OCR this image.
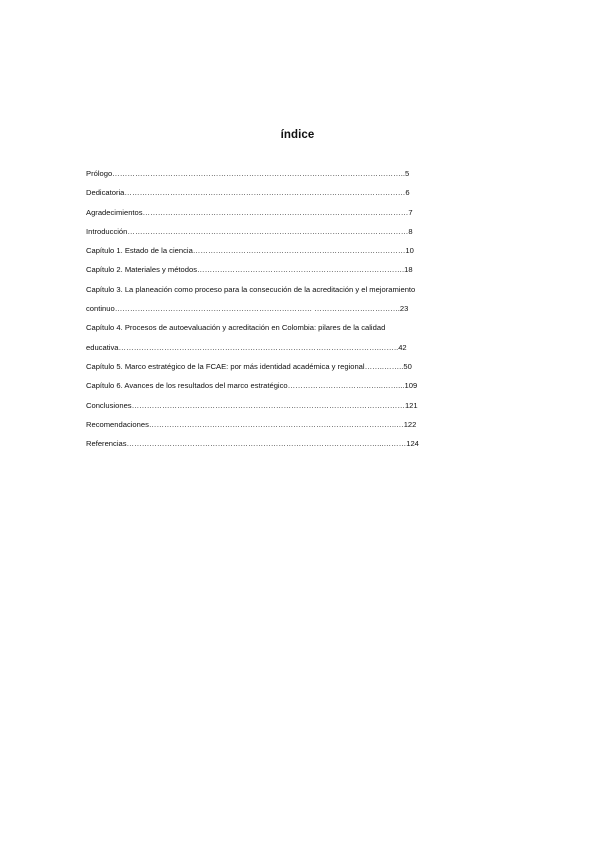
índice
Prólogo……………………………………………………………………………………………………..5
Dedicatoria…………………………………………………………………………………………………6
Agradecimientos……………………………………………………………………………………………7
Introducción…………………………………………………………………………………………………8
Capítulo 1. Estado de la ciencia…………………………………………………………………………10
Capítulo 2. Materiales y métodos……………………………………………………………………….18
Capítulo 3. La planeación como proceso para la consecución de la acreditación y el mejoramiento
continuo…………………………………………………………………… …………………………….23
Capítulo 4. Procesos de autoevaluación y acreditación en Colombia: pilares de la calidad
educativa………………………………………………………………………………………….……..42
Capítulo 5. Marco estratégico de la FCAE: por más identidad académica y regional……..……..50
Capítulo 6. Avances de los resultados del marco estratégico………………………………..……...109
Conclusiones………………………………………………………………………………………………121
Recomendaciones……………………………………………………………………………………..…122
Referencias………………………………………………………………………………………...………124
